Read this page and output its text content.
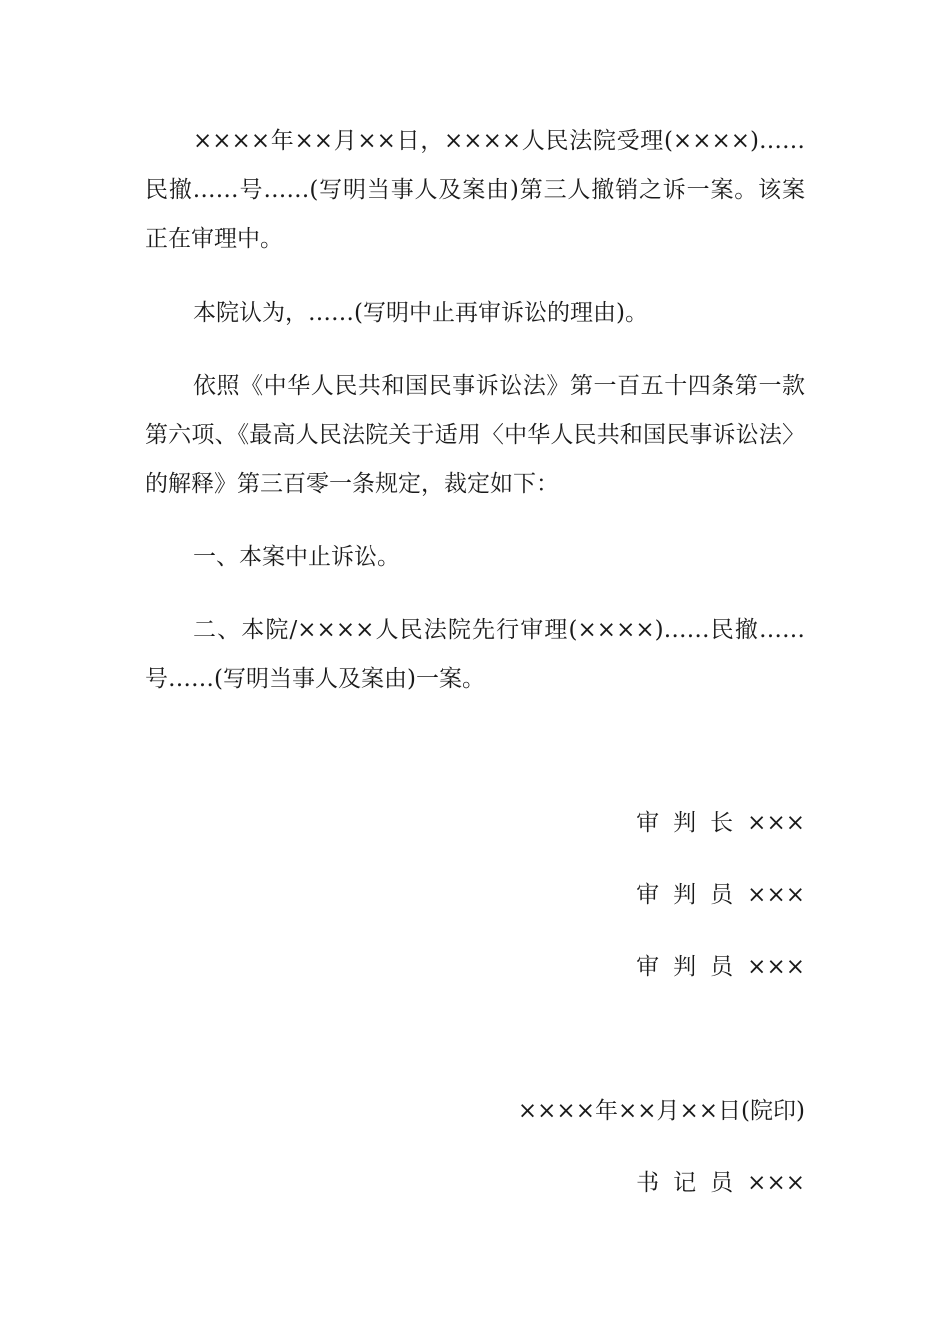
××××年××月××日，××××人民法院受理(××××)……民撤……号……(写明当事人及案由)第三人撤销之诉一案。该案正在审理中。

本院认为，……(写明中止再审诉讼的理由)。

依照《中华人民共和国民事诉讼法》第一百五十四条第一款第六项、《最高人民法院关于适用〈中华人民共和国民事诉讼法〉的解释》第三百零一条规定，裁定如下：

一、本案中止诉讼。

二、本院/××××人民法院先行审理(××××)……民撤……号……(写明当事人及案由)一案。

审判长×××
审判员×××
审判员×××
××××年××月××日(院印)
书记员×××
